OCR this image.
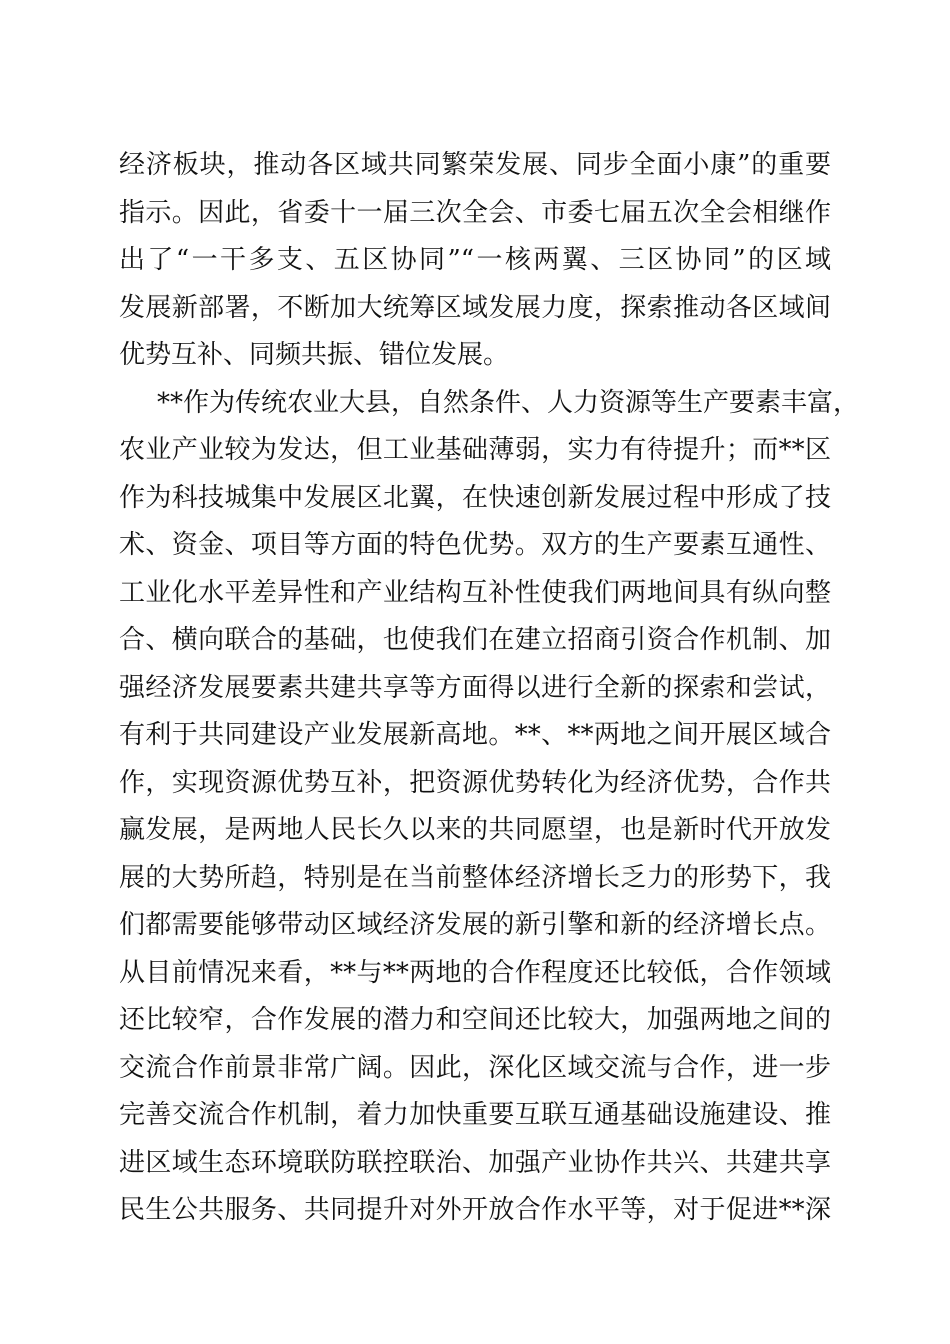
经济板块，推动各区域共同繁荣发展、同步全面小康”的重要
指示。因此，省委十一届三次全会、市委七届五次全会相继作
出了“一干多支、五区协同”“一核两翼、三区协同”的区域
发展新部署，不断加大统筹区域发展力度，探索推动各区域间
优势互补、同频共振、错位发展。
**作为传统农业大县，自然条件、人力资源等生产要素丰富，
农业产业较为发达，但工业基础薄弱，实力有待提升；而**区
作为科技城集中发展区北翼，在快速创新发展过程中形成了技
术、资金、项目等方面的特色优势。双方的生产要素互通性、
工业化水平差异性和产业结构互补性使我们两地间具有纵向整
合、横向联合的基础，也使我们在建立招商引资合作机制、加
强经济发展要素共建共享等方面得以进行全新的探索和尝试，
有利于共同建设产业发展新高地。**、**两地之间开展区域合
作，实现资源优势互补，把资源优势转化为经济优势，合作共
赢发展，是两地人民长久以来的共同愿望，也是新时代开放发
展的大势所趋，特别是在当前整体经济增长乏力的形势下，我
们都需要能够带动区域经济发展的新引擎和新的经济增长点。
从目前情况来看，**与**两地的合作程度还比较低，合作领域
还比较窄，合作发展的潜力和空间还比较大，加强两地之间的
交流合作前景非常广阔。因此，深化区域交流与合作，进一步
完善交流合作机制，着力加快重要互联互通基础设施建设、推
进区域生态环境联防联控联治、加强产业协作共兴、共建共享
民生公共服务、共同提升对外开放合作水平等，对于促进**深
